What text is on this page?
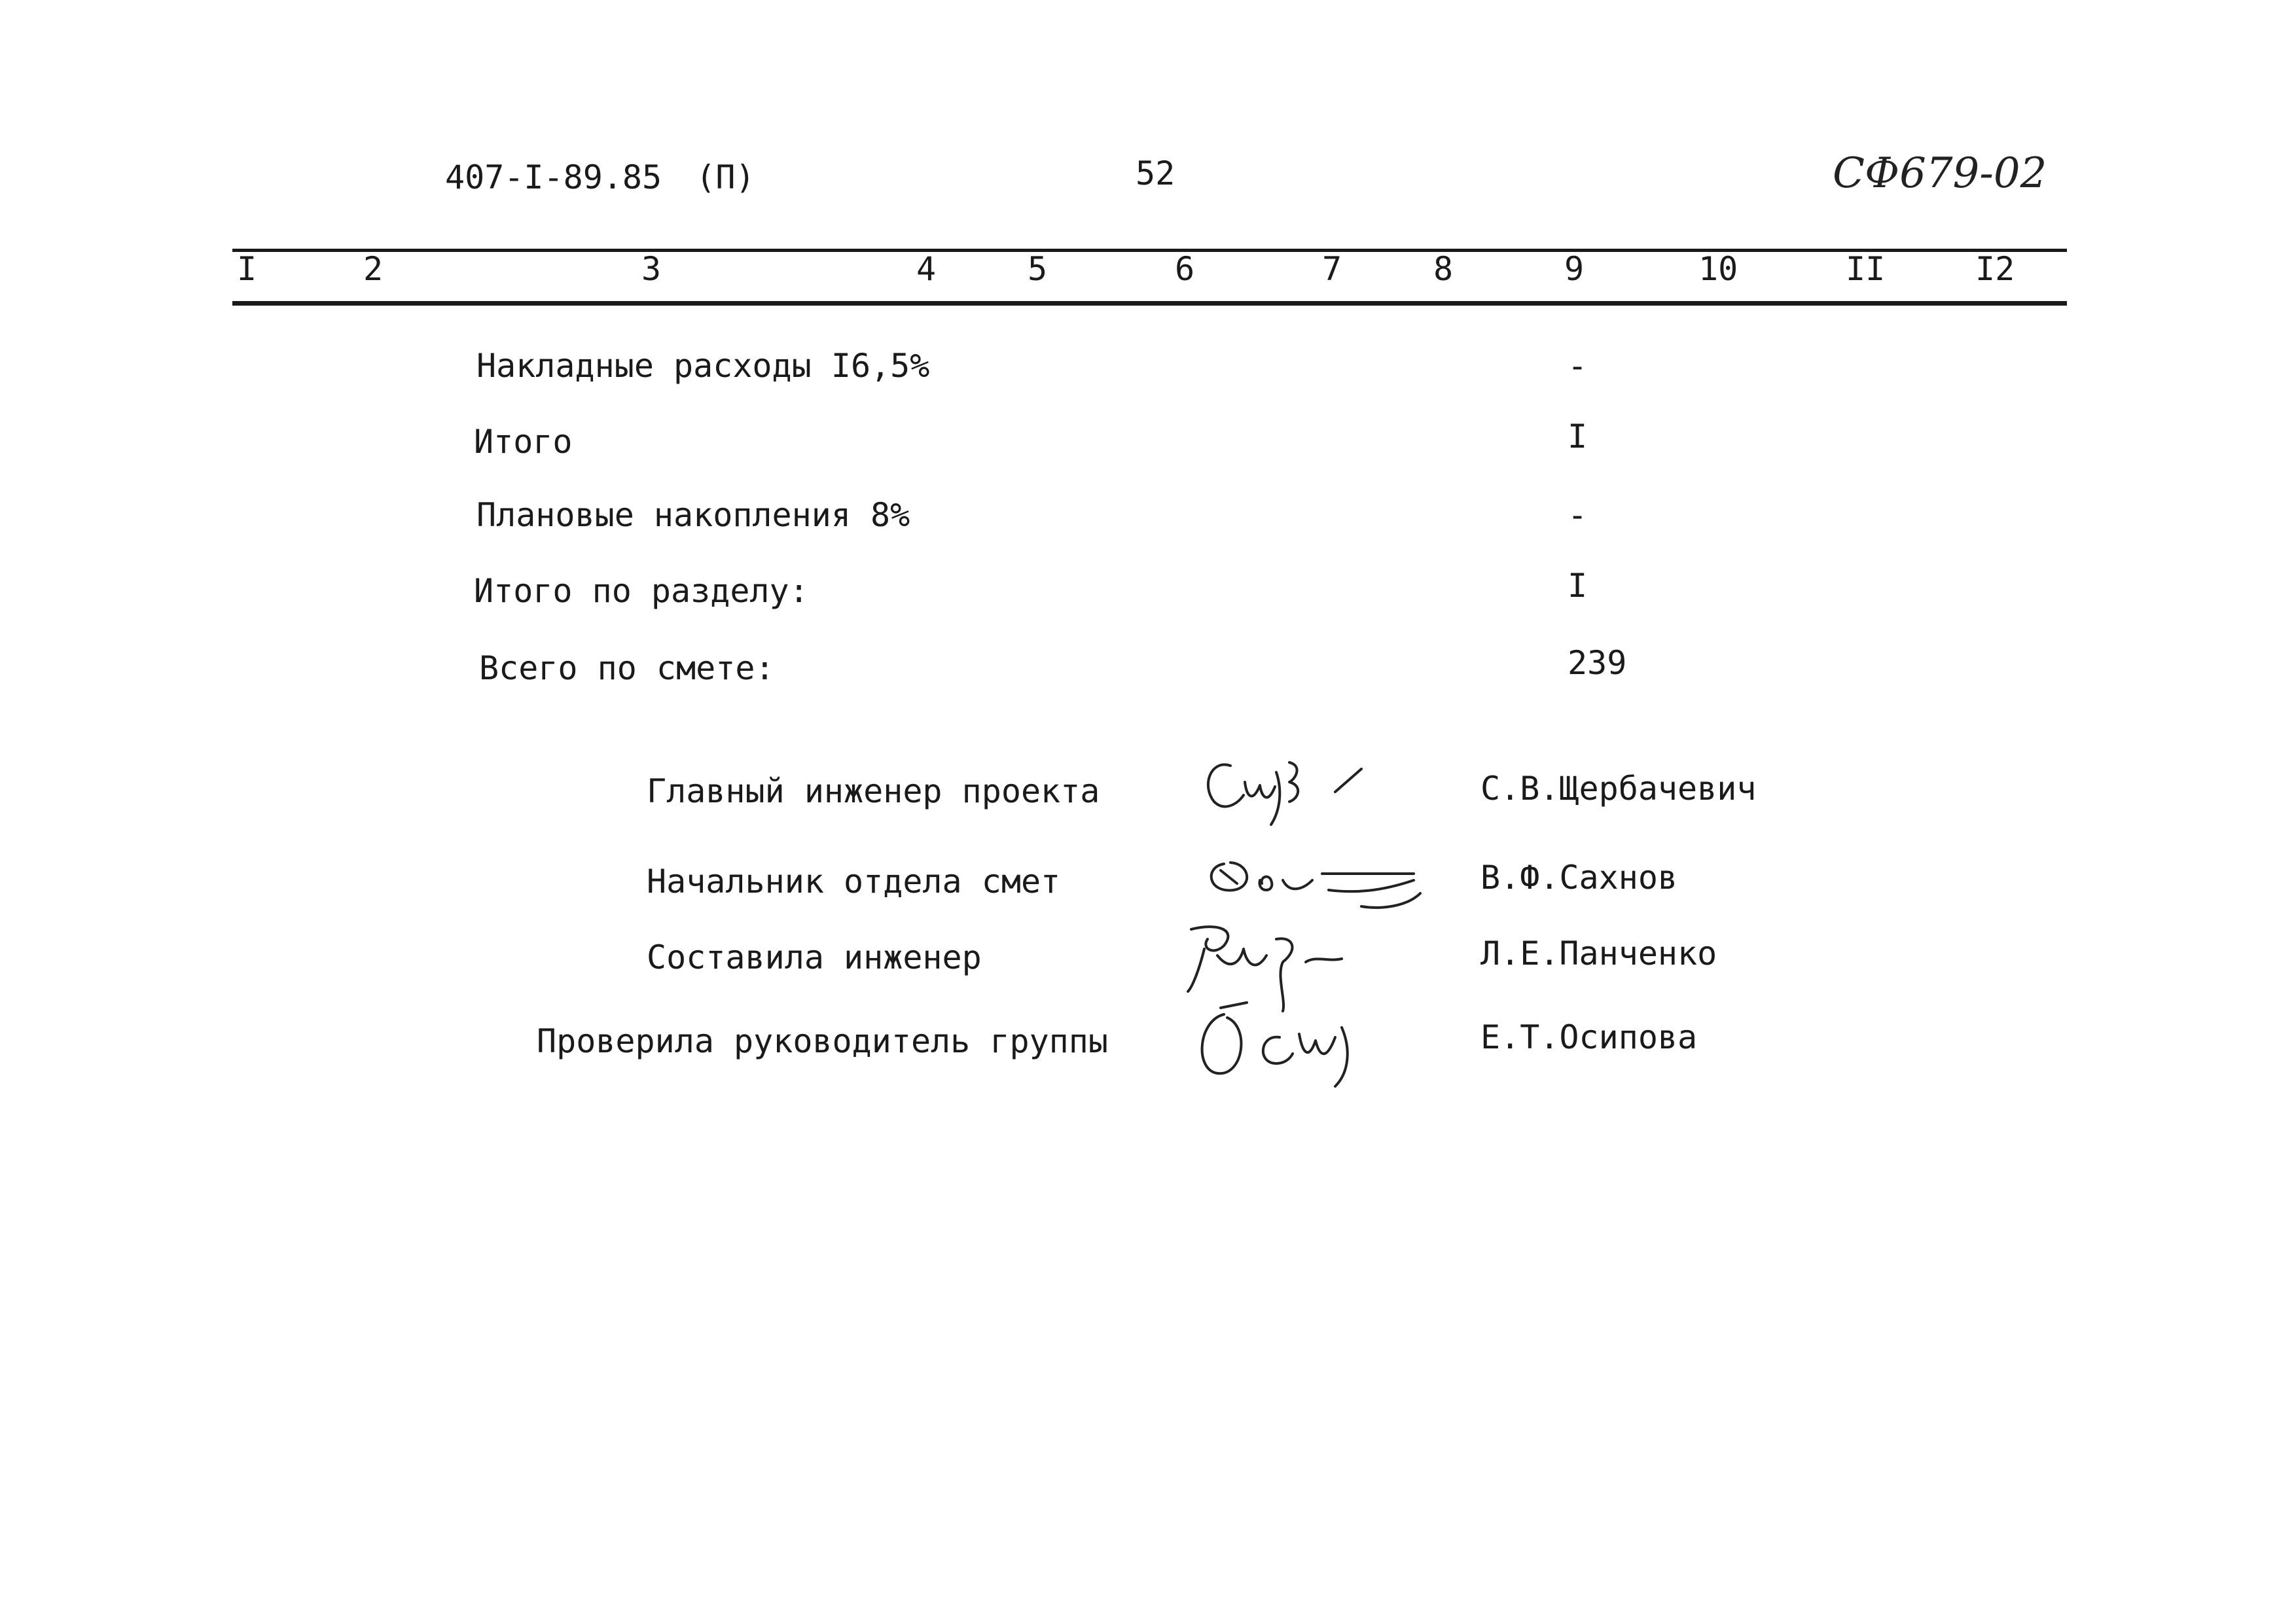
407-I-89.85 (П)	52	СФ679-02
I	2	3	4	5	6	7	8	9	10	II	I2
Накладные расходы I6,5%	-
Итого	I
Плановые накопления 8%	-
Итого по разделу:	I
Всего по смете:	239
Главный инженер проекта	С.В.Щербачевич
Начальник отдела смет	В.Ф.Сахнов
Составила инженер	Л.Е.Панченко
Проверила руководитель группы	Е.Т.Осипова
